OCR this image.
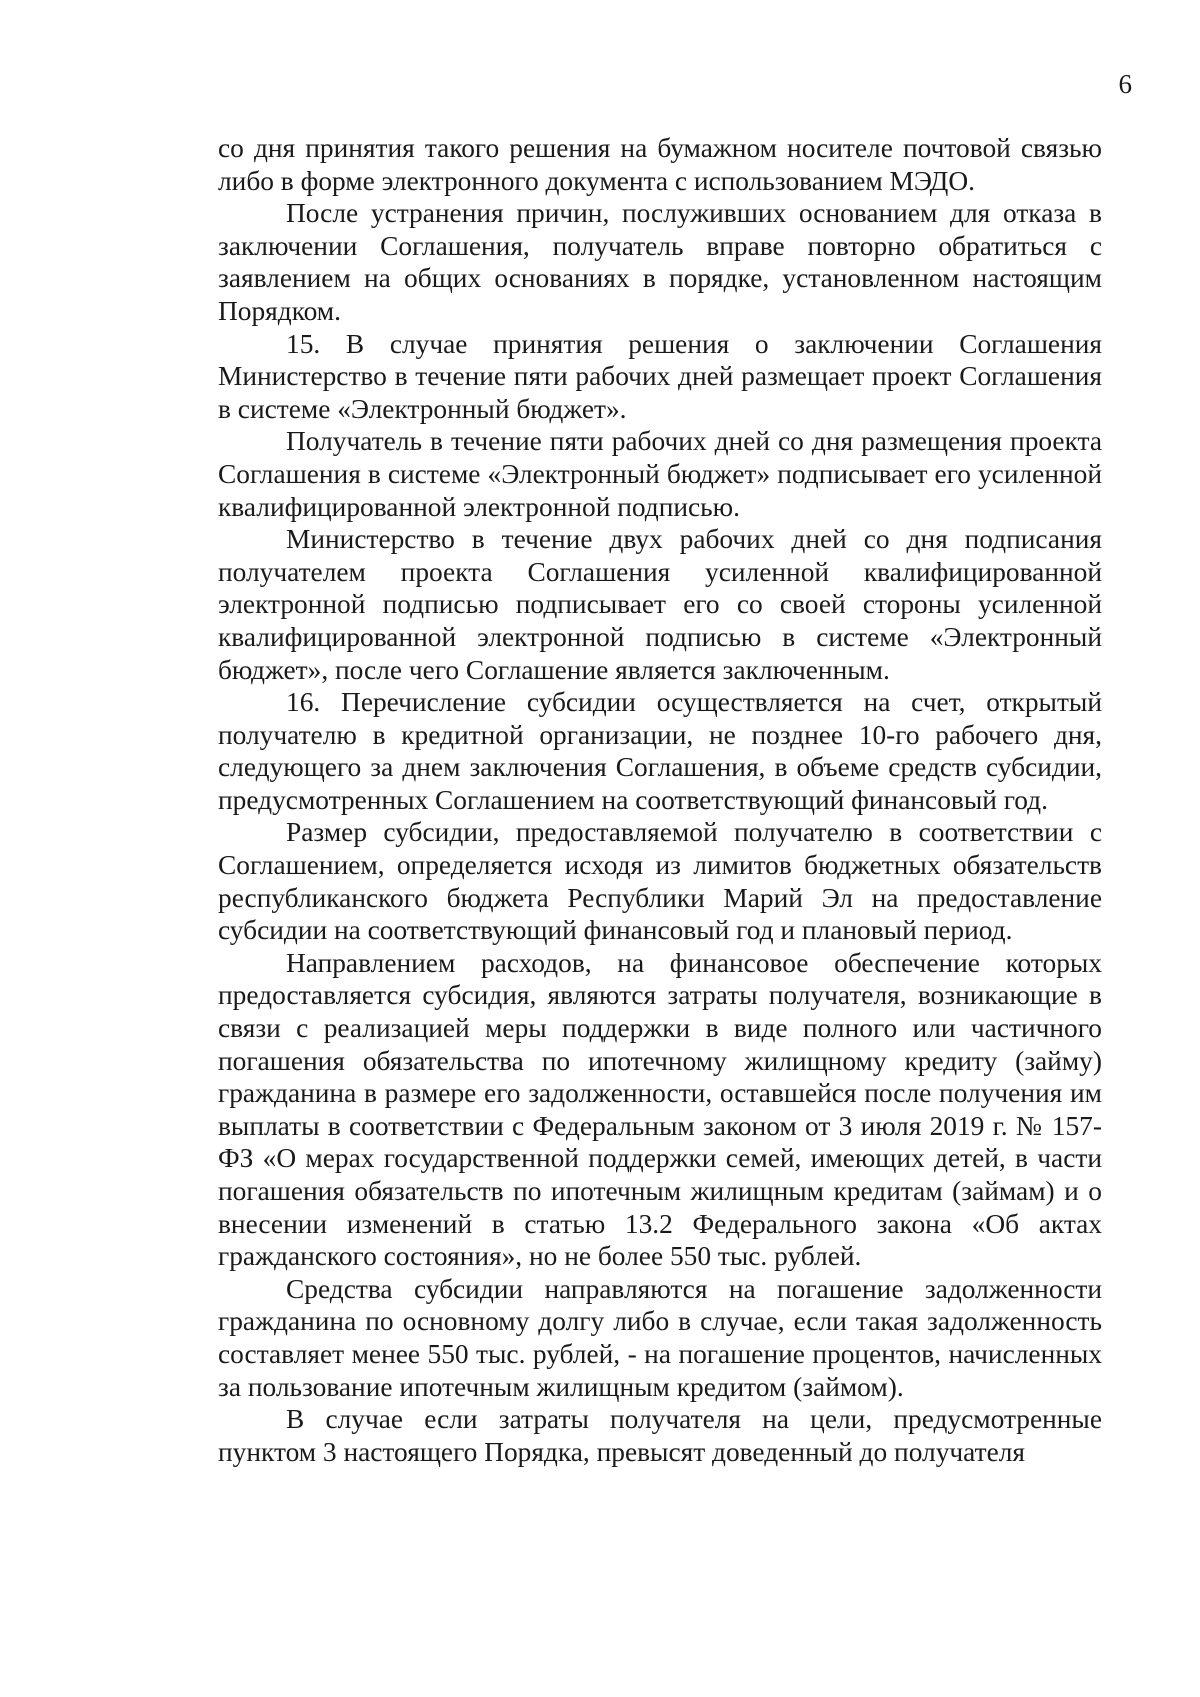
6

со дня принятия такого решения на бумажном носителе почтовой связью либо в форме электронного документа с использованием МЭДО.

После устранения причин, послуживших основанием для отказа в заключении Соглашения, получатель вправе повторно обратиться с заявлением на общих основаниях в порядке, установленном настоящим Порядком.

15. В случае принятия решения о заключении Соглашения Министерство в течение пяти рабочих дней размещает проект Соглашения в системе «Электронный бюджет».

Получатель в течение пяти рабочих дней со дня размещения проекта Соглашения в системе «Электронный бюджет» подписывает его усиленной квалифицированной электронной подписью.

Министерство в течение двух рабочих дней со дня подписания получателем проекта Соглашения усиленной квалифицированной электронной подписью подписывает его со своей стороны усиленной квалифицированной электронной подписью в системе «Электронный бюджет», после чего Соглашение является заключенным.

16. Перечисление субсидии осуществляется на счет, открытый получателю в кредитной организации, не позднее 10-го рабочего дня, следующего за днем заключения Соглашения, в объеме средств субсидии, предусмотренных Соглашением на соответствующий финансовый год.

Размер субсидии, предоставляемой получателю в соответствии с Соглашением, определяется исходя из лимитов бюджетных обязательств республиканского бюджета Республики Марий Эл на предоставление субсидии на соответствующий финансовый год и плановый период.

Направлением расходов, на финансовое обеспечение которых предоставляется субсидия, являются затраты получателя, возникающие в связи с реализацией меры поддержки в виде полного или частичного погашения обязательства по ипотечному жилищному кредиту (займу) гражданина в размере его задолженности, оставшейся после получения им выплаты в соответствии с Федеральным законом от 3 июля 2019 г. № 157-ФЗ «О мерах государственной поддержки семей, имеющих детей, в части погашения обязательств по ипотечным жилищным кредитам (займам) и о внесении изменений в статью 13.2 Федерального закона «Об актах гражданского состояния», но не более 550 тыс. рублей.

Средства субсидии направляются на погашение задолженности гражданина по основному долгу либо в случае, если такая задолженность составляет менее 550 тыс. рублей, - на погашение процентов, начисленных за пользование ипотечным жилищным кредитом (займом).

В случае если затраты получателя на цели, предусмотренные пунктом 3 настоящего Порядка, превысят доведенный до получателя
